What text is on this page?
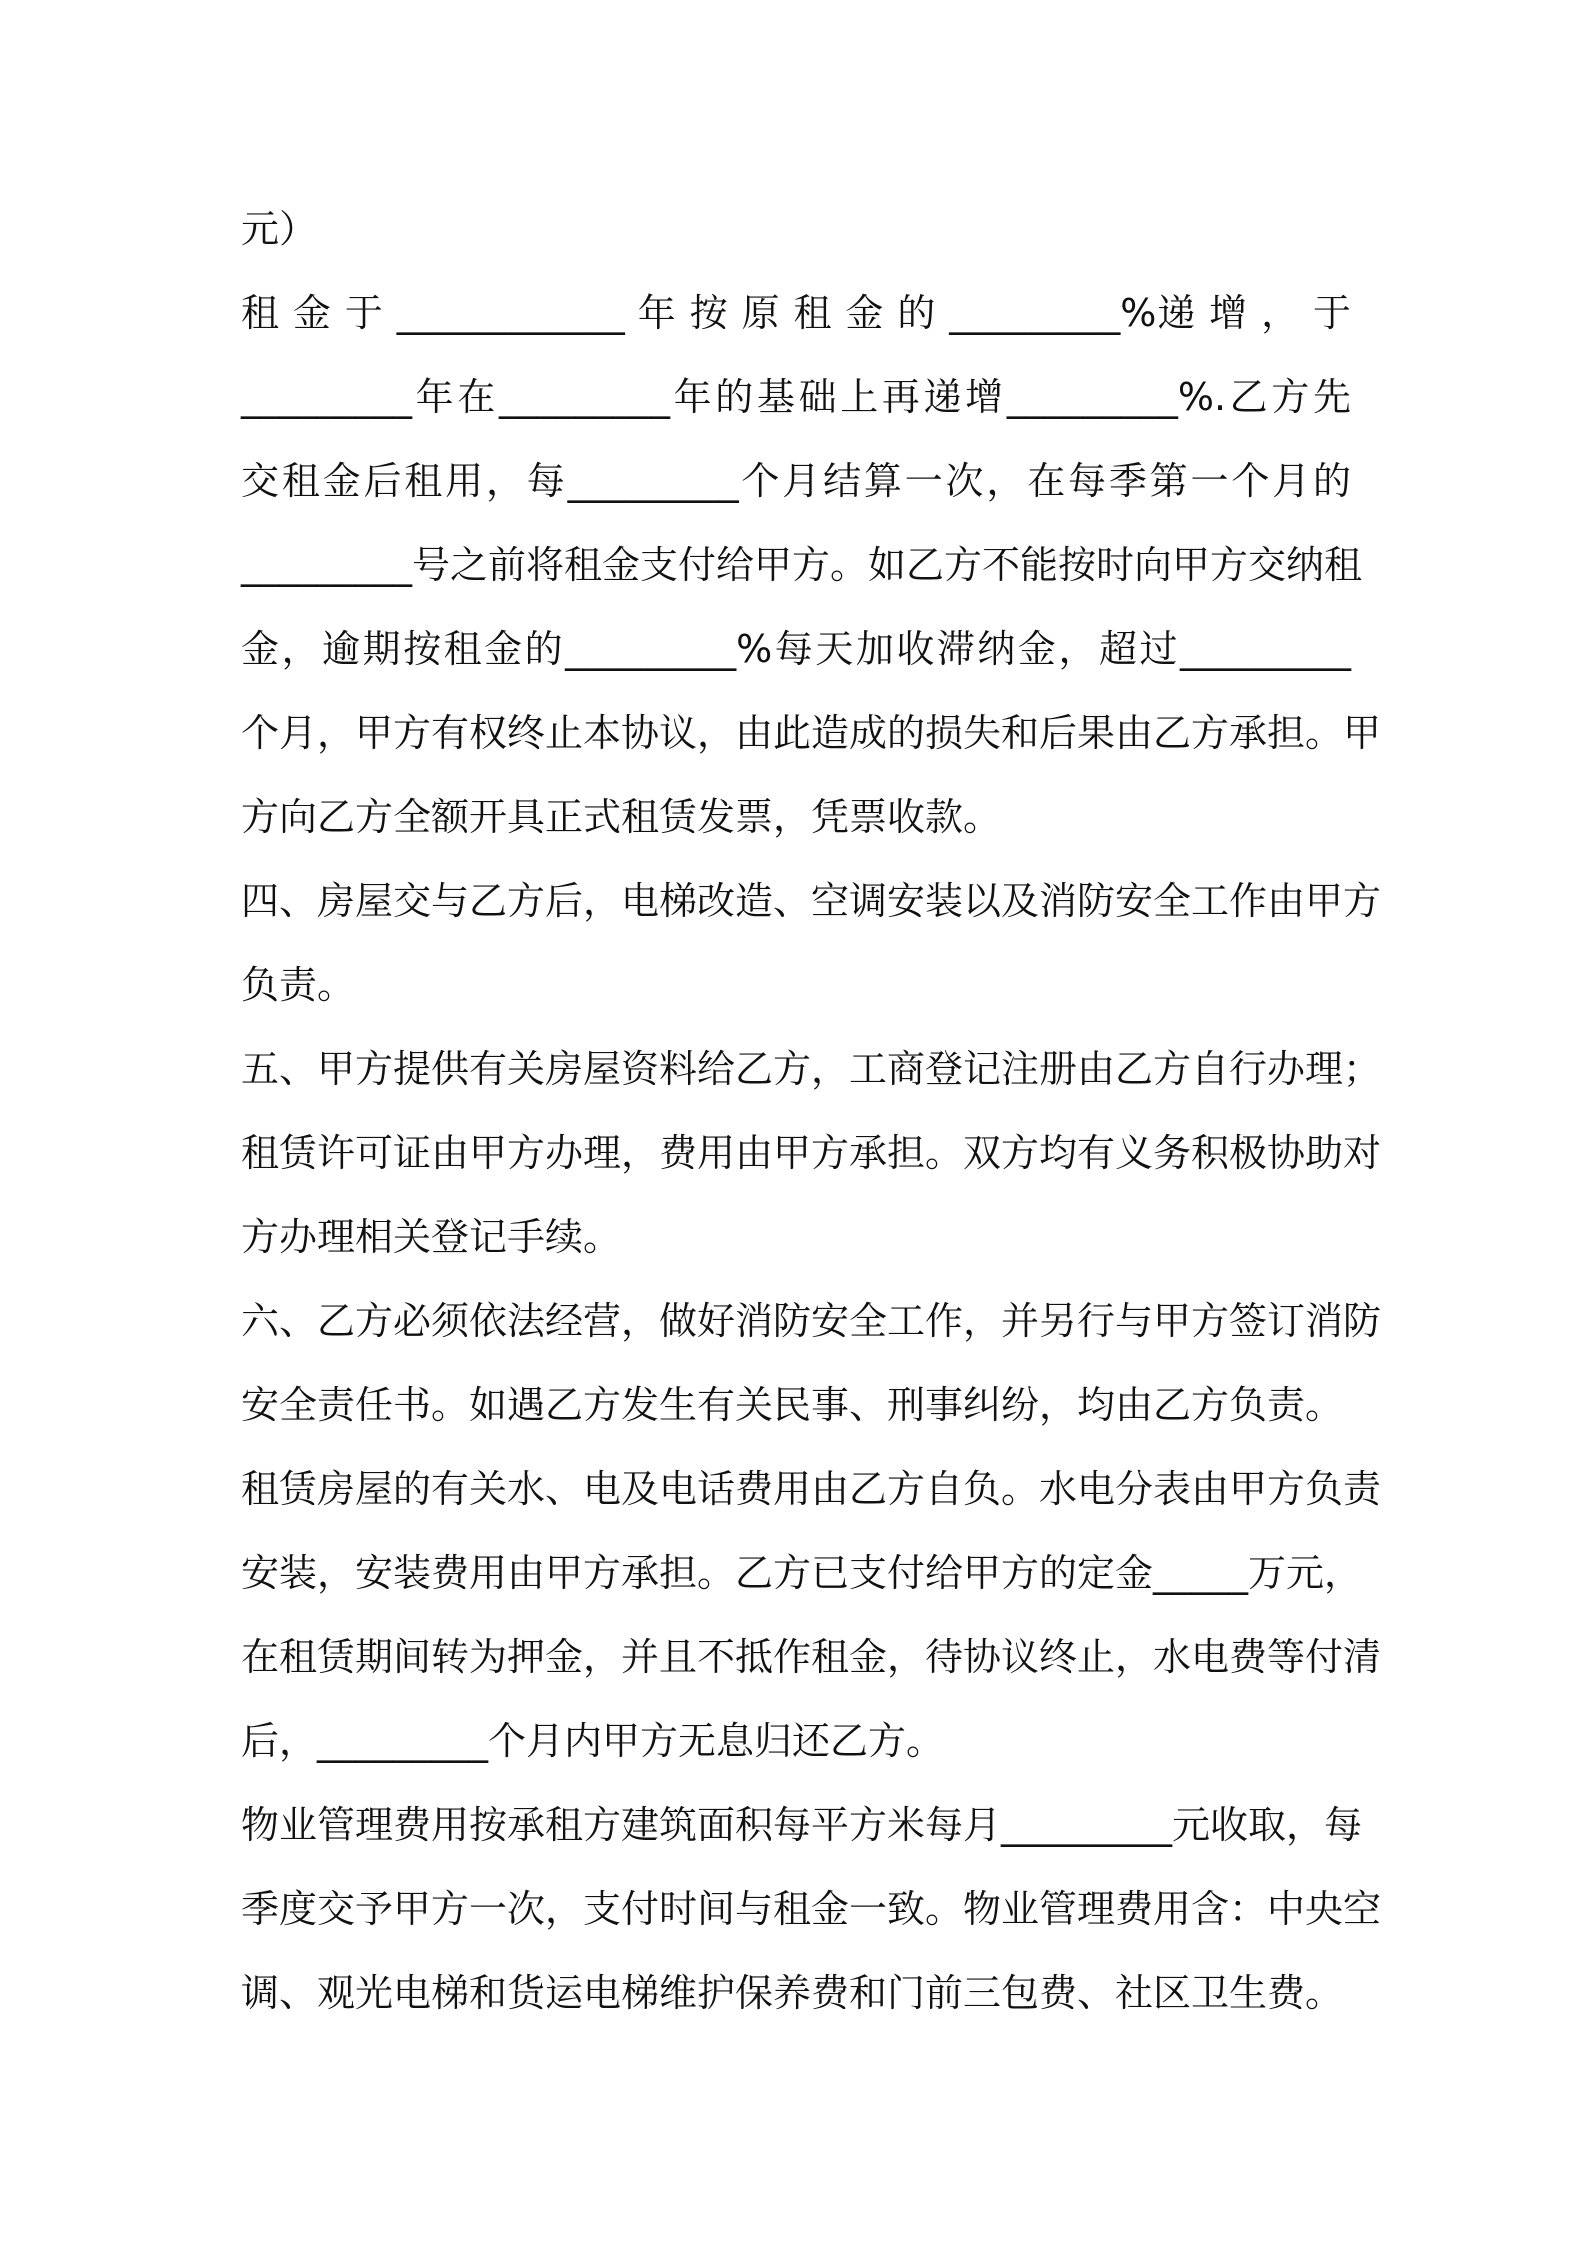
元）
租 金 于 ____________ 年 按 原 租 金 的 _________%递 增 ， 于
_________年在_________年的基础上再递增_________%.乙方先
交租金后租用，每_________个月结算一次，在每季第一个月的
_________号之前将租金支付给甲方。如乙方不能按时向甲方交纳租
金，逾期按租金的_________%每天加收滞纳金，超过_________
个月，甲方有权终止本协议，由此造成的损失和后果由乙方承担。甲
方向乙方全额开具正式租赁发票，凭票收款。
四、房屋交与乙方后，电梯改造、空调安装以及消防安全工作由甲方
负责。
五、甲方提供有关房屋资料给乙方，工商登记注册由乙方自行办理；
租赁许可证由甲方办理，费用由甲方承担。双方均有义务积极协助对
方办理相关登记手续。
六、乙方必须依法经营，做好消防安全工作，并另行与甲方签订消防
安全责任书。如遇乙方发生有关民事、刑事纠纷，均由乙方负责。
租赁房屋的有关水、电及电话费用由乙方自负。水电分表由甲方负责
安装，安装费用由甲方承担。乙方已支付给甲方的定金_____万元，
在租赁期间转为押金，并且不抵作租金，待协议终止，水电费等付清
后，_________个月内甲方无息归还乙方。
物业管理费用按承租方建筑面积每平方米每月_________元收取，每
季度交予甲方一次，支付时间与租金一致。物业管理费用含：中央空
调、观光电梯和货运电梯维护保养费和门前三包费、社区卫生费。
